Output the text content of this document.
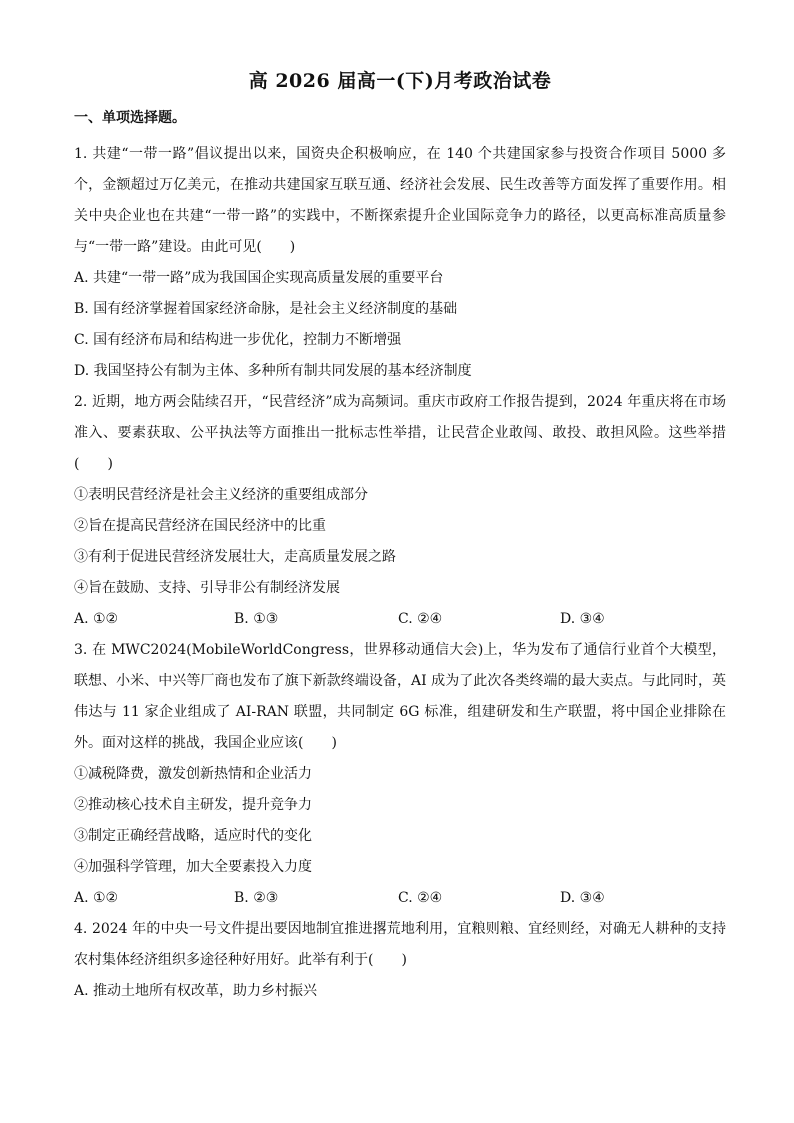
高 2026 届高一(下)月考政治试卷

一、单项选择题。

1. 共建“一带一路”倡议提出以来，国资央企积极响应，在 140 个共建国家参与投资合作项目 5000 多个，金额超过万亿美元，在推动共建国家互联互通、经济社会发展、民生改善等方面发挥了重要作用。相关中央企业也在共建“一带一路”的实践中，不断探索提升企业国际竞争力的路径，以更高标准高质量参与“一带一路”建设。由此可见(　　)

A. 共建“一带一路”成为我国国企实现高质量发展的重要平台

B. 国有经济掌握着国家经济命脉，是社会主义经济制度的基础

C. 国有经济布局和结构进一步优化，控制力不断增强

D. 我国坚持公有制为主体、多种所有制共同发展的基本经济制度

2. 近期，地方两会陆续召开，“民营经济”成为高频词。重庆市政府工作报告提到，2024 年重庆将在市场准入、要素获取、公平执法等方面推出一批标志性举措，让民营企业敢闯、敢投、敢担风险。这些举措(　　)

①表明民营经济是社会主义经济的重要组成部分

②旨在提高民营经济在国民经济中的比重

③有利于促进民营经济发展壮大，走高质量发展之路

④旨在鼓励、支持、引导非公有制经济发展

A. ①②	B. ①③	C. ②④	D. ③④

3. 在 MWC2024(MobileWorldCongress，世界移动通信大会)上，华为发布了通信行业首个大模型，联想、小米、中兴等厂商也发布了旗下新款终端设备，AI 成为了此次各类终端的最大卖点。与此同时，英伟达与 11 家企业组成了 AI-RAN 联盟，共同制定 6G 标准，组建研发和生产联盟，将中国企业排除在外。面对这样的挑战，我国企业应该(　　)

①减税降费，激发创新热情和企业活力

②推动核心技术自主研发，提升竞争力

③制定正确经营战略，适应时代的变化

④加强科学管理，加大全要素投入力度

A. ①②	B. ②③	C. ②④	D. ③④

4. 2024 年的中央一号文件提出要因地制宜推进撂荒地利用，宜粮则粮、宜经则经，对确无人耕种的支持农村集体经济组织多途径种好用好。此举有利于(　　)

A. 推动土地所有权改革，助力乡村振兴
